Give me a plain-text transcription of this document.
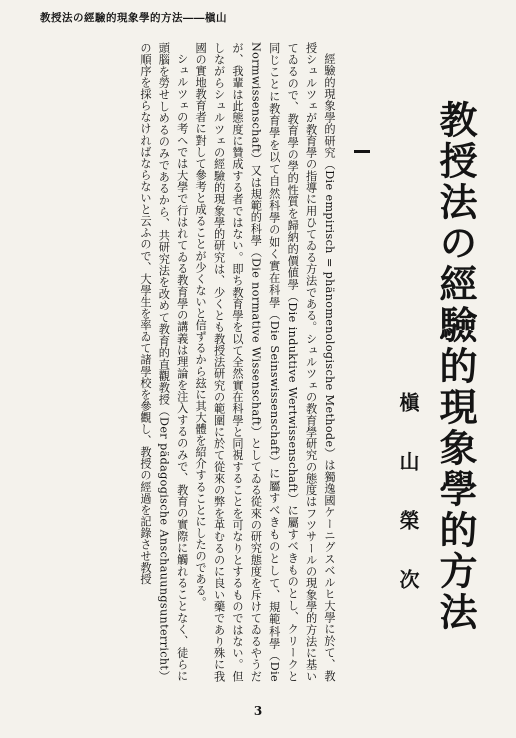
教授法の經驗的現象學的方法――槇山
教授法の經驗的現象學的方法
槇 山 榮 次

經驗的現象學的研究（Die empirisch = phänomenologische Methode）は獨逸國ケーニグスベルヒ大學に於て、教授シュルツェが教育學の指導に用ひてゐる方法である。シュルツェの教育學研究の態度はフツサールの現象學的方法に基いてゐるので、教育學の學的性質を歸納的價値學（Die induktive Wertwissenschaft）に屬すべきものとし、クリークと同じことに教育學を以て自然科學の如く實在科學（Die Seinswissenschaft）に屬すべきものとして、規範科學（Die Normwissenschaft）又は規範的科學（Die normative Wissenschaft）としてゐる從來の研究態度を斥けてゐるやうだが、我輩は此態度に贊成する者ではない。即ち教育學を以て全然實在科學と同視することを可なりとするものではない。但しながらシュルツェの經驗的現象學的研究は、少くとも教授法研究の範圍に於て從來の弊を革むるのに良い藥であり殊に我國の實地教育者に對して參考と成ることが少くないと信ずるから玆に其大體を紹介することにしたのである。

シュルツェの考へでは大學で行はれてゐる教育學の講義は理論を注入するのみで、教育の實際に觸れることなく、徒らに頭腦を勞せしめるのみであるから、共研究法を改めて教育的直觀教授（Der pädagogische Anschauungsunterricht）の順序を採らなければならないと云ふので、大學生を率ゐて諸學校を參觀し、教授の經過を記錄させ教授

3
